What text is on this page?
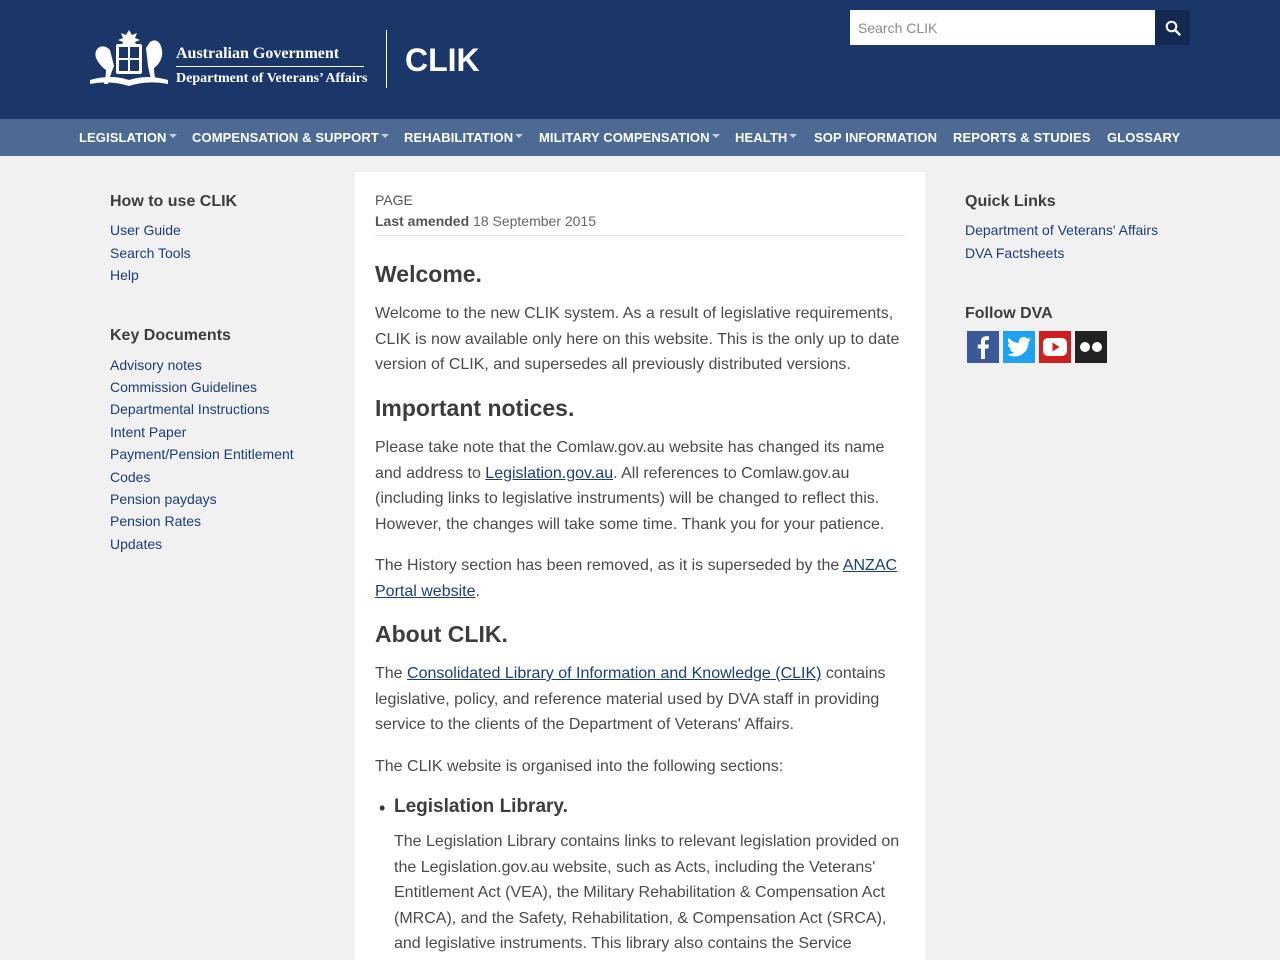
Australian Government
Department of Veterans’ Affairs
CLIK
Search CLIK
LEGISLATION	COMPENSATION & SUPPORT	REHABILITATION	MILITARY COMPENSATION	HEALTH	SOP INFORMATION REPORTS & STUDIES GLOSSARY
How to use CLIK
User Guide
Search Tools
Help
Key Documents
Advisory notes
Commission Guidelines
Departmental Instructions
Intent Paper
Payment/Pension Entitlement
Codes
Pension paydays
Pension Rates
Updates
PAGE
Last amended 18 September 2015
Welcome.
Welcome to the new CLIK system. As a result of legislative requirements, CLIK is now available only here on this website. This is the only up to date version of CLIK, and supersedes all previously distributed versions.
Important notices.
Please take note that the Comlaw.gov.au website has changed its name and address to Legislation.gov.au. All references to Comlaw.gov.au (including links to legislative instruments) will be changed to reflect this. However, the changes will take some time. Thank you for your patience.
The History section has been removed, as it is superseded by the ANZAC Portal website.
About CLIK.
The Consolidated Library of Information and Knowledge (CLIK) contains legislative, policy, and reference material used by DVA staff in providing service to the clients of the Department of Veterans' Affairs.
The CLIK website is organised into the following sections:
• Legislation Library.
The Legislation Library contains links to relevant legislation provided on the Legislation.gov.au website, such as Acts, including the Veterans' Entitlement Act (VEA), the Military Rehabilitation & Compensation Act (MRCA), and the Safety, Rehabilitation, & Compensation Act (SRCA), and legislative instruments. This library also contains the Service
Quick Links
Department of Veterans' Affairs
DVA Factsheets
Follow DVA
